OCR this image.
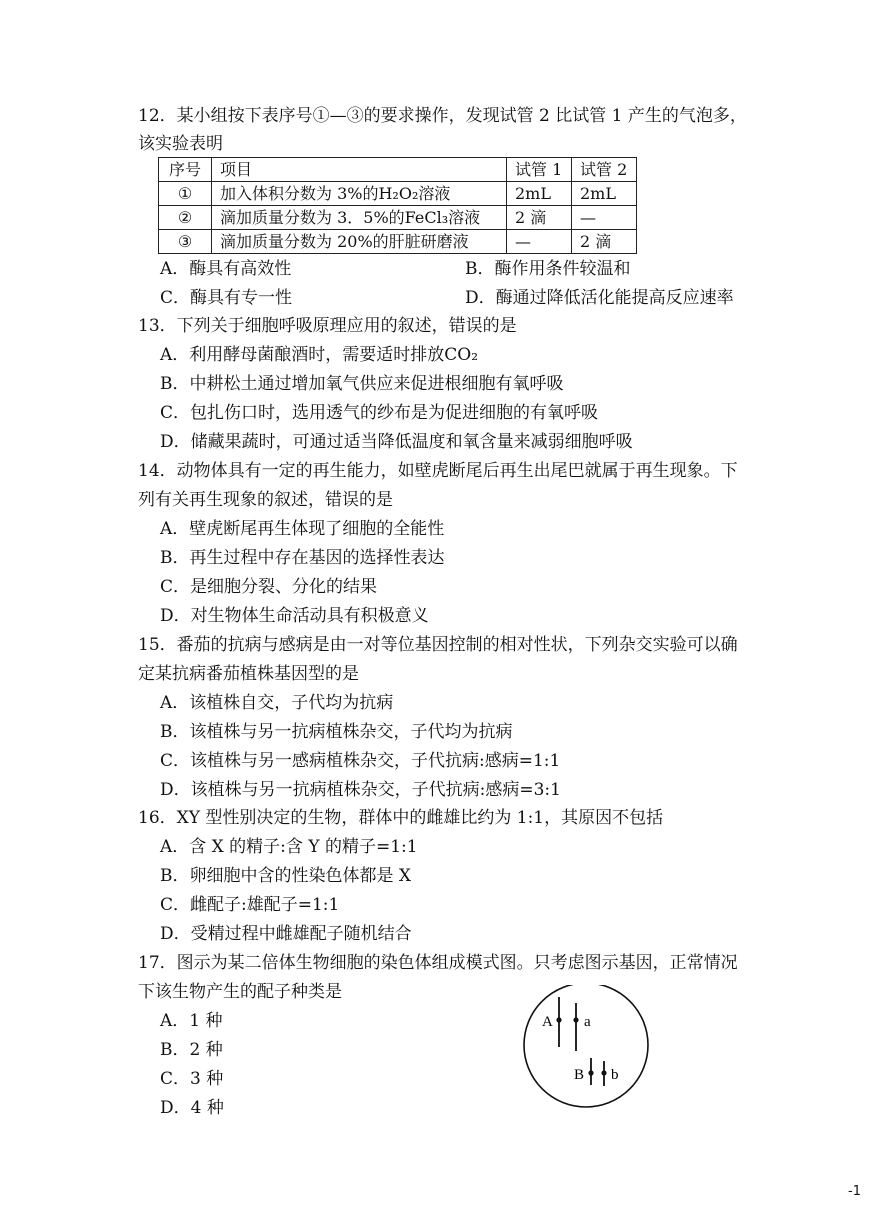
12．某小组按下表序号①—③的要求操作，发现试管 2 比试管 1 产生的气泡多，
该实验表明
序号	项目	试管 1	试管 2
①	加入体积分数为 3%的H₂O₂溶液	2mL	2mL
②	滴加质量分数为 3．5%的FeCl₃溶液	2 滴	—
③	滴加质量分数为 20%的肝脏研磨液	—	2 滴
A．酶具有高效性	B．酶作用条件较温和
C．酶具有专一性	D．酶通过降低活化能提高反应速率
13．下列关于细胞呼吸原理应用的叙述，错误的是
A．利用酵母菌酿酒时，需要适时排放CO₂
B．中耕松土通过增加氧气供应来促进根细胞有氧呼吸
C．包扎伤口时，选用透气的纱布是为促进细胞的有氧呼吸
D．储藏果蔬时，可通过适当降低温度和氧含量来减弱细胞呼吸
14．动物体具有一定的再生能力，如壁虎断尾后再生出尾巴就属于再生现象。下
列有关再生现象的叙述，错误的是
A．壁虎断尾再生体现了细胞的全能性
B．再生过程中存在基因的选择性表达
C．是细胞分裂、分化的结果
D．对生物体生命活动具有积极意义
15．番茄的抗病与感病是由一对等位基因控制的相对性状，下列杂交实验可以确
定某抗病番茄植株基因型的是
A．该植株自交，子代均为抗病
B．该植株与另一抗病植株杂交，子代均为抗病
C．该植株与另一感病植株杂交，子代抗病:感病=1:1
D．该植株与另一抗病植株杂交，子代抗病:感病=3:1
16．XY 型性别决定的生物，群体中的雌雄比约为 1:1，其原因不包括
A．含 X 的精子:含 Y 的精子=1:1
B．卵细胞中含的性染色体都是 X
C．雌配子:雄配子=1:1
D．受精过程中雌雄配子随机结合
17．图示为某二倍体生物细胞的染色体组成模式图。只考虑图示基因，正常情况
下该生物产生的配子种类是
A．1 种
B．2 种
C．3 种
D．4 种
A a
B b
-1
